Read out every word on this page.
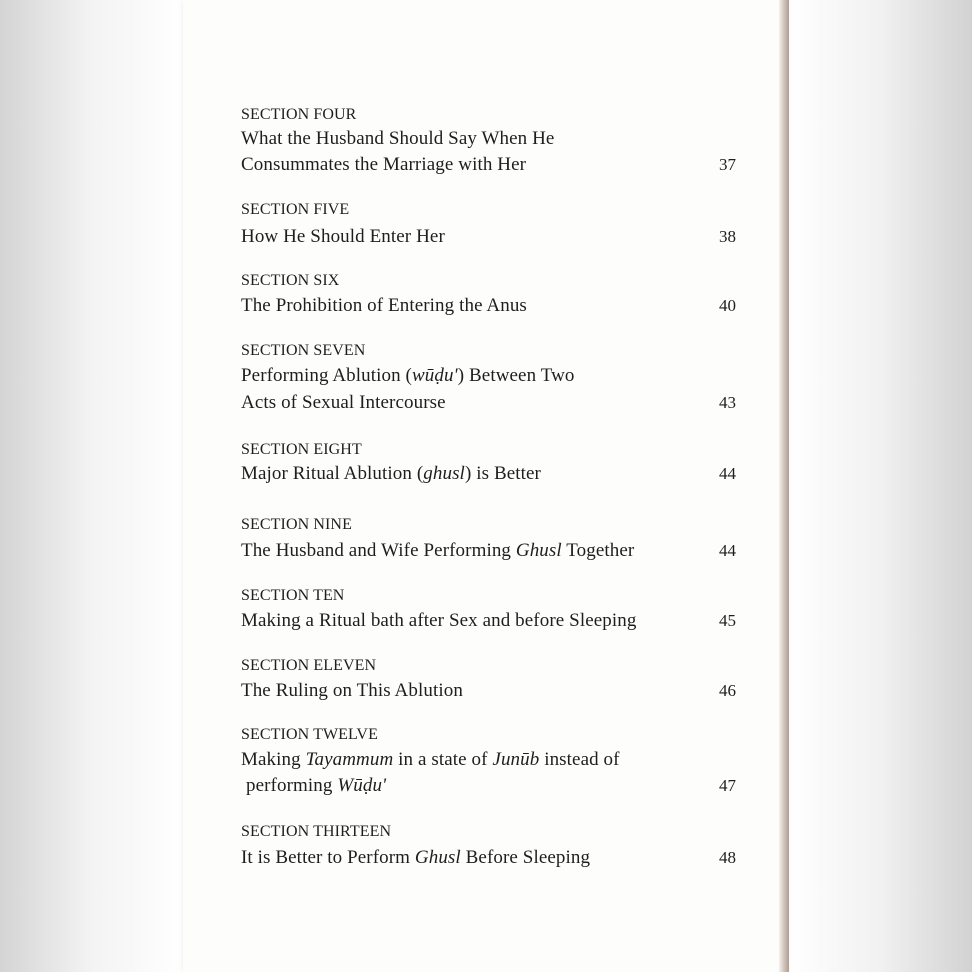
SECTION FOUR
What the Husband Should Say When He
Consummates the Marriage with Her	37
SECTION FIVE
How He Should Enter Her	38
SECTION SIX
The Prohibition of Entering the Anus	40
SECTION SEVEN
Performing Ablution (wūḍu') Between Two
Acts of Sexual Intercourse	43
SECTION EIGHT
Major Ritual Ablution (ghusl) is Better	44
SECTION NINE
The Husband and Wife Performing Ghusl Together	44
SECTION TEN
Making a Ritual bath after Sex and before Sleeping	45
SECTION ELEVEN
The Ruling on This Ablution	46
SECTION TWELVE
Making Tayammum in a state of Junūb instead of
performing Wūḍu'	47
SECTION THIRTEEN
It is Better to Perform Ghusl Before Sleeping	48
